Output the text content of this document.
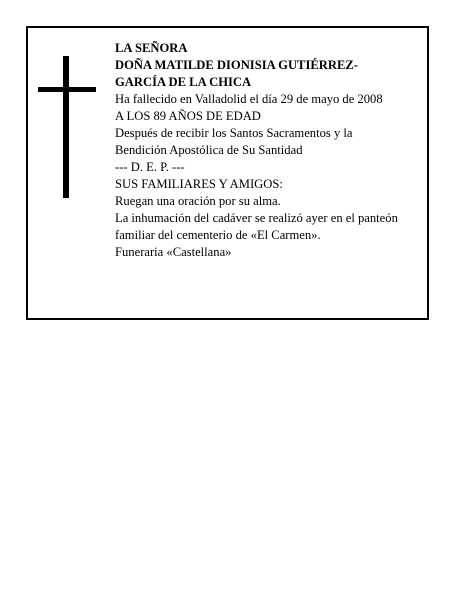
LA SEÑORA
DOÑA MATILDE DIONISIA GUTIÉRREZ-
GARCÍA DE LA CHICA
Ha fallecido en Valladolid el día 29 de mayo de 2008
A LOS 89 AÑOS DE EDAD
Después de recibir los Santos Sacramentos y la
Bendición Apostólica de Su Santidad
--- D. E. P. ---
SUS FAMILIARES Y AMIGOS:
Ruegan una oración por su alma.
La inhumación del cadáver se realizó ayer en el panteón
familiar del cementerio de «El Carmen».
Funeraria «Castellana»
